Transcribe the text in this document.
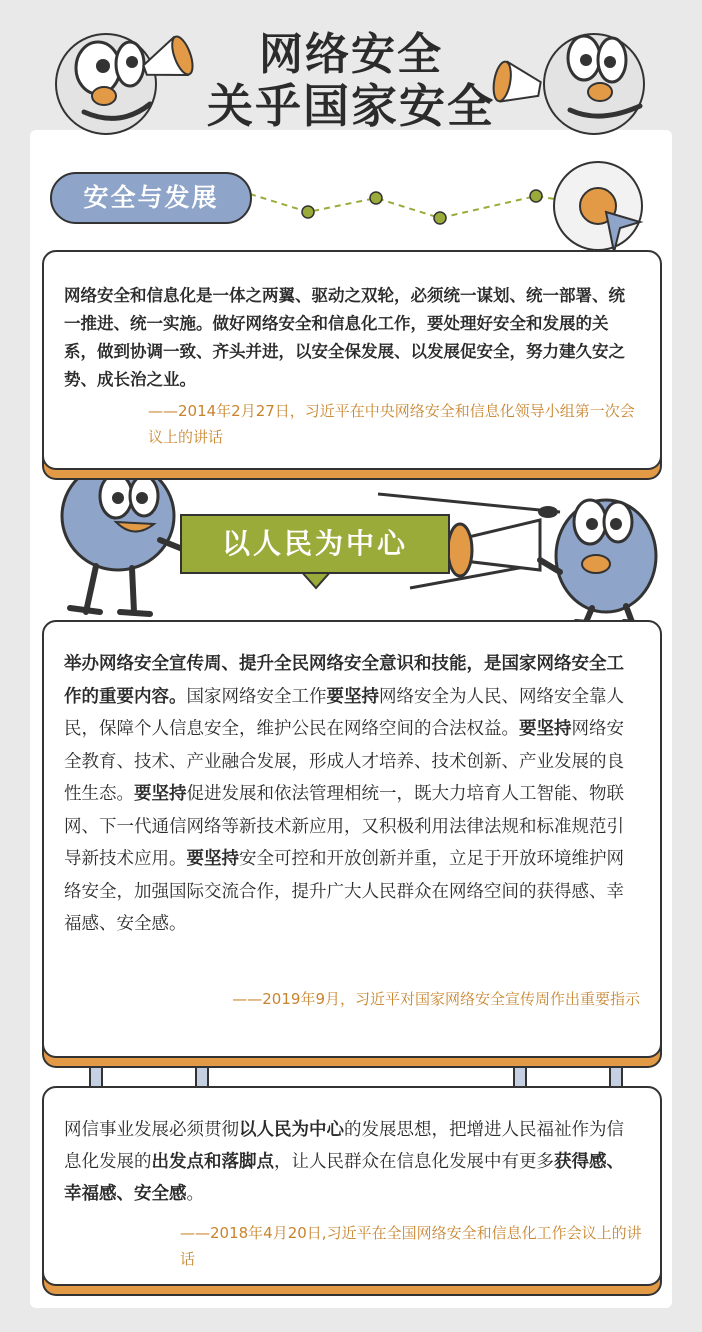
网络安全
关乎国家安全
安全与发展
网络安全和信息化是一体之两翼、驱动之双轮，必须统一谋划、统一部署、统一推进、统一实施。做好网络安全和信息化工作，要处理好安全和发展的关系，做到协调一致、齐头并进，以安全保发展、以发展促安全，努力建久安之势、成长治之业。
——2014年2月27日，习近平在中央网络安全和信息化领导小组第一次会议上的讲话
以人民为中心
举办网络安全宣传周、提升全民网络安全意识和技能，是国家网络安全工作的重要内容。国家网络安全工作要坚持网络安全为人民、网络安全靠人民，保障个人信息安全，维护公民在网络空间的合法权益。要坚持网络安全教育、技术、产业融合发展，形成人才培养、技术创新、产业发展的良性生态。要坚持促进发展和依法管理相统一，既大力培育人工智能、物联网、下一代通信网络等新技术新应用，又积极利用法律法规和标准规范引导新技术应用。要坚持安全可控和开放创新并重，立足于开放环境维护网络安全，加强国际交流合作，提升广大人民群众在网络空间的获得感、幸福感、安全感。
——2019年9月，习近平对国家网络安全宣传周作出重要指示
网信事业发展必须贯彻以人民为中心的发展思想，把增进人民福祉作为信息化发展的出发点和落脚点，让人民群众在信息化发展中有更多获得感、幸福感、安全感。
——2018年4月20日,习近平在全国网络安全和信息化工作会议上的讲话
